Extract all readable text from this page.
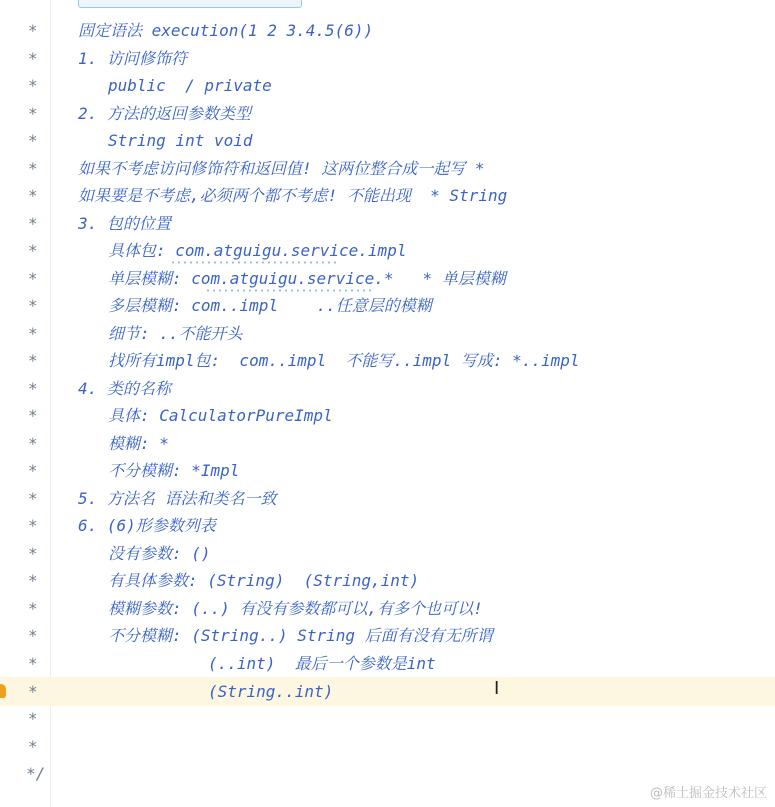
*	固定语法 execution(1 2 3.4.5(6))
*	1. 访问修饰符
*	public  / private
*	2. 方法的返回参数类型
*	String int void
*	如果不考虑访问修饰符和返回值! 这两位整合成一起写 *
*	如果要是不考虑,必须两个都不考虑! 不能出现  * String
*	3. 包的位置
*	具体包: com.atguigu.service.impl
*	单层模糊: com.atguigu.service.*   * 单层模糊
*	多层模糊: com..impl    ..任意层的模糊
*	细节: ..不能开头
*	找所有impl包:  com..impl  不能写..impl 写成: *..impl
*	4. 类的名称
*	具体: CalculatorPureImpl
*	模糊: *
*	不分模糊: *Impl
*	5. 方法名 语法和类名一致
*	6. (6)形参数列表
*	没有参数: ()
*	有具体参数: (String)  (String,int)
*	模糊参数: (..) 有没有参数都可以,有多个也可以!
*	不分模糊: (String..) String 后面有没有无所谓
*	(..int)  最后一个参数是int
*	(String..int)
*
*
*/
I
@稀土掘金技术社区
